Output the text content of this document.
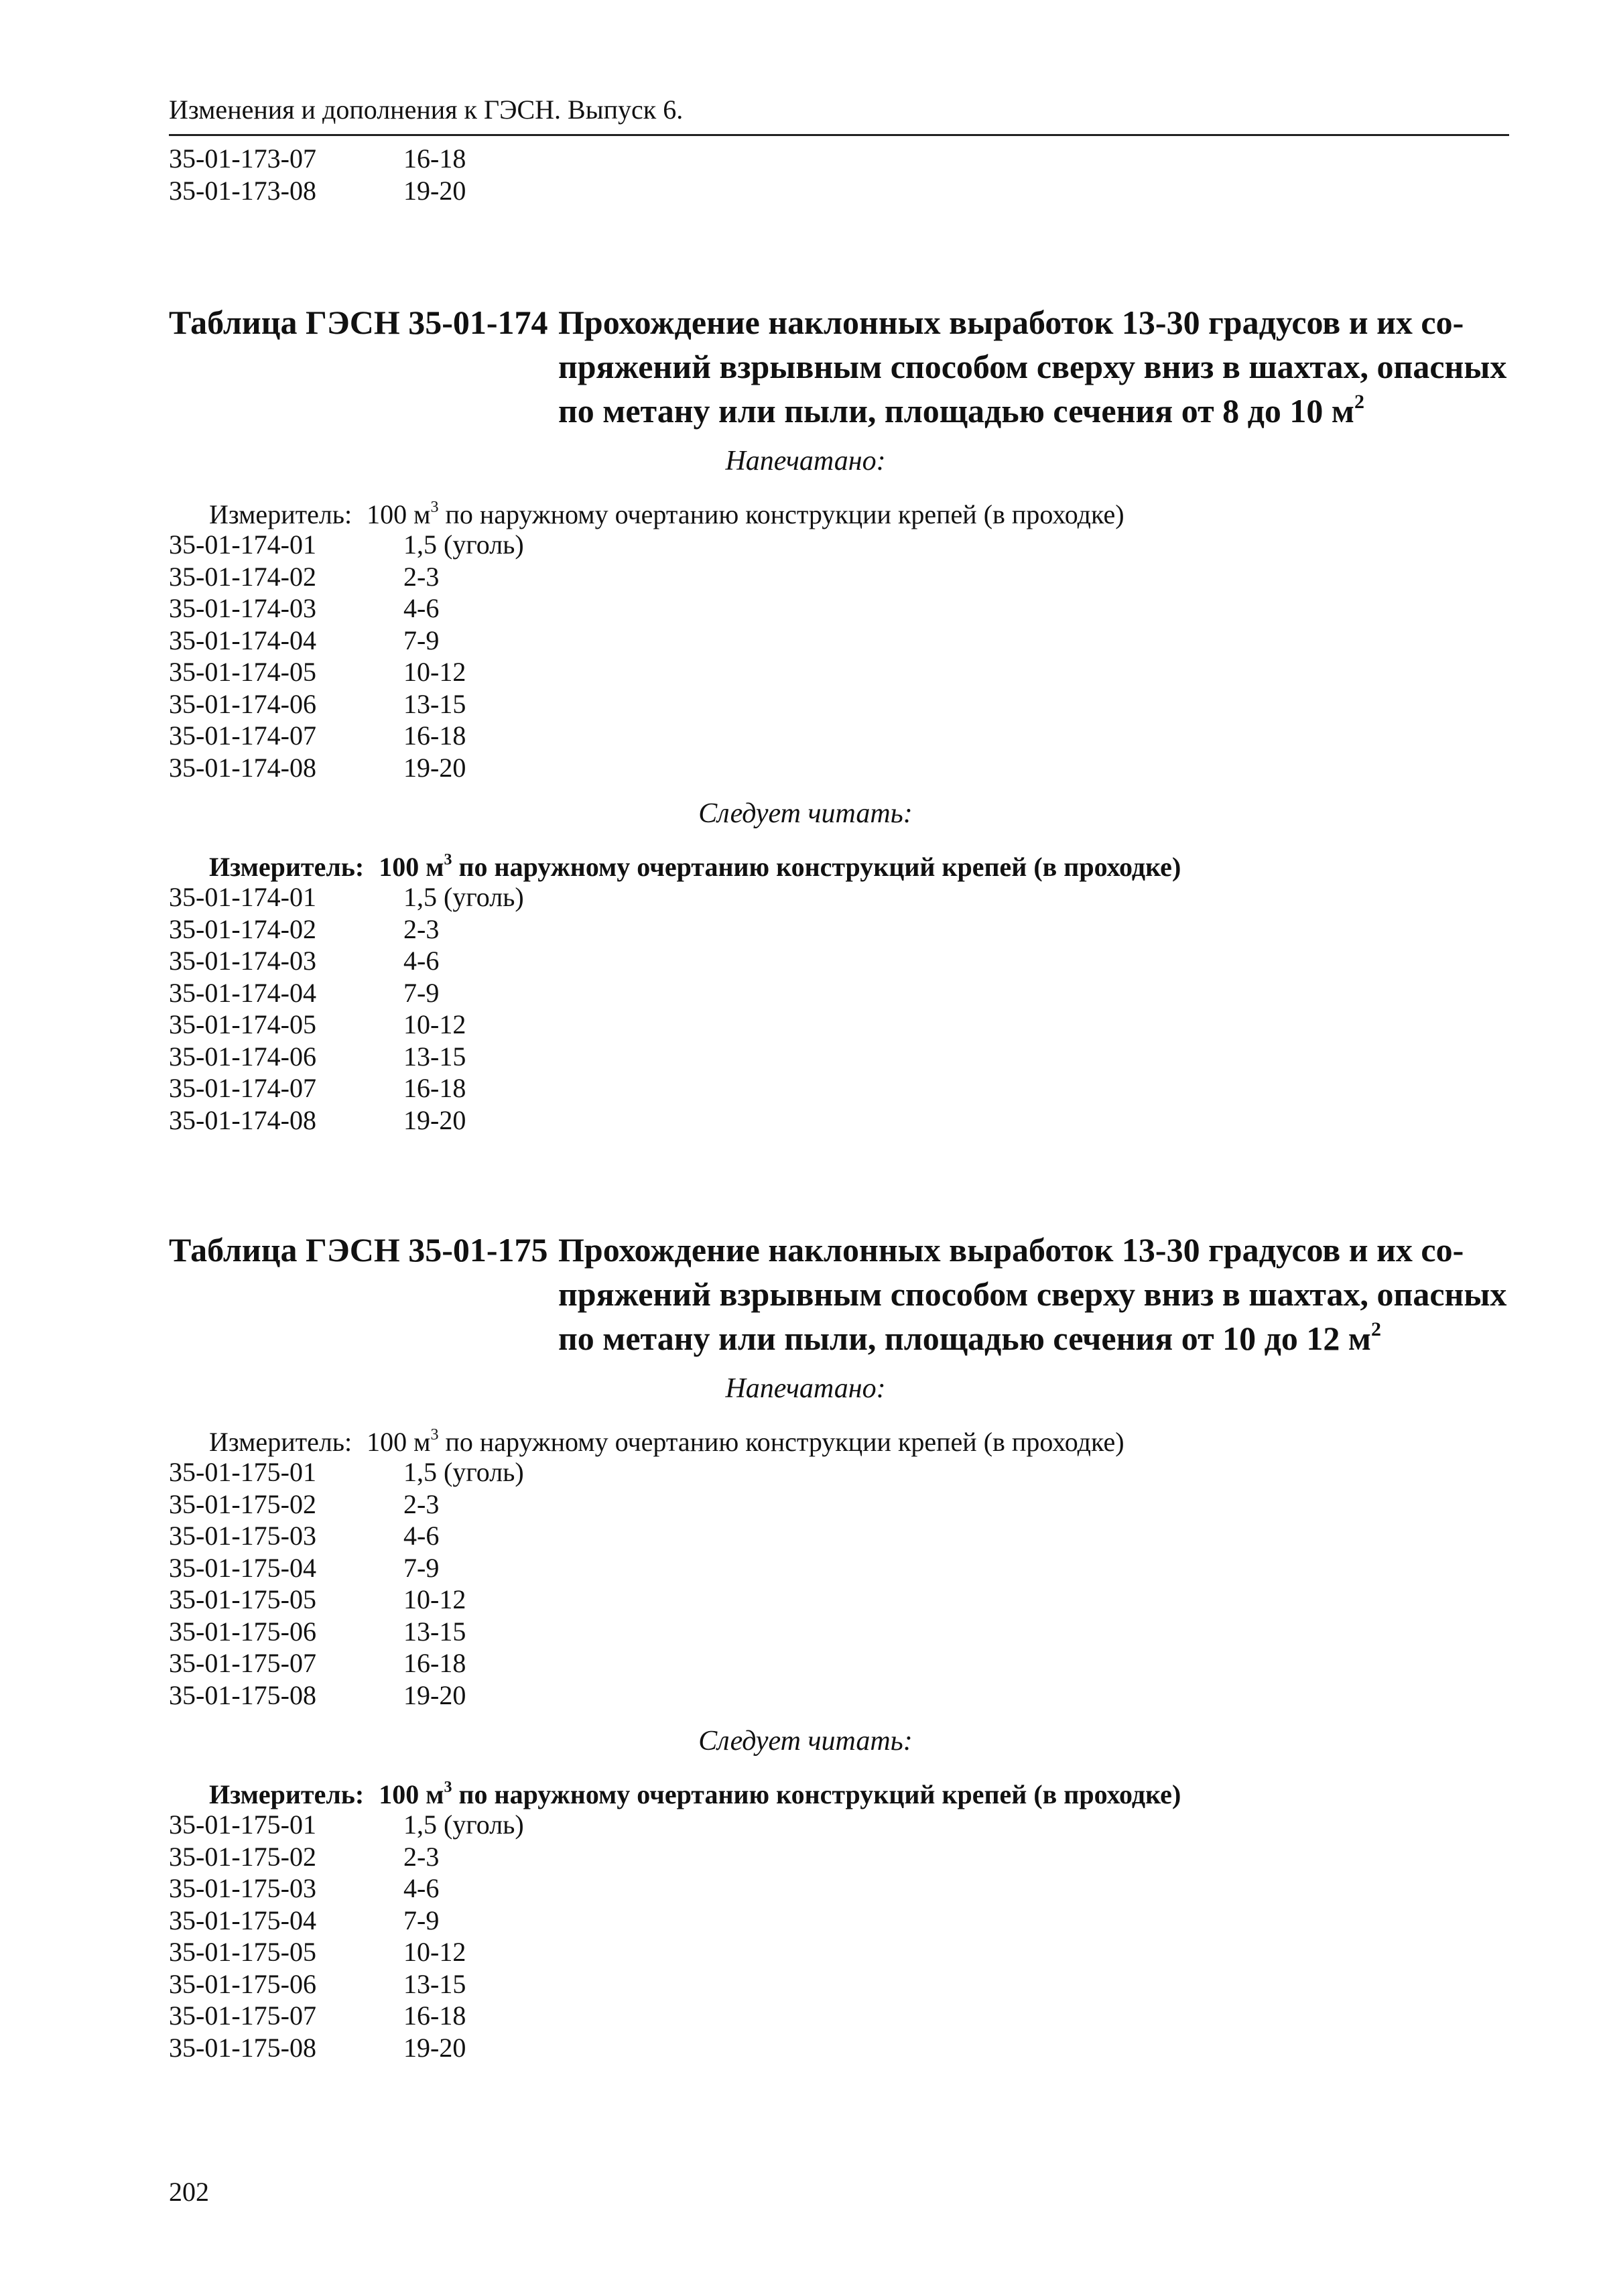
Изменения и дополнения к ГЭСН. Выпуск 6.
35-01-173-07	16-18
35-01-173-08	19-20
Таблица ГЭСН 35-01-174 Прохождение наклонных выработок 13-30 градусов и их со-
пряжений взрывным способом сверху вниз в шахтах, опасных
по метану или пыли, площадью сечения от 8 до 10 $м^2$
Напечатано:
Измеритель: 100 $м^3$ по наружному очертанию конструкции крепей (в проходке)
35-01-174-01	1,5 (уголь)
35-01-174-02	2-3
35-01-174-03	4-6
35-01-174-04	7-9
35-01-174-05	10-12
35-01-174-06	13-15
35-01-174-07	16-18
35-01-174-08	19-20
Следует читать:
Измеритель: 100 $м^3$ по наружному очертанию конструкций крепей (в проходке)
35-01-174-01	1,5 (уголь)
35-01-174-02	2-3
35-01-174-03	4-6
35-01-174-04	7-9
35-01-174-05	10-12
35-01-174-06	13-15
35-01-174-07	16-18
35-01-174-08	19-20
Таблица ГЭСН 35-01-175 Прохождение наклонных выработок 13-30 градусов и их со-
пряжений взрывным способом сверху вниз в шахтах, опасных
по метану или пыли, площадью сечения от 10 до 12 $м^2$
Напечатано:
Измеритель: 100 $м^3$ по наружному очертанию конструкции крепей (в проходке)
35-01-175-01	1,5 (уголь)
35-01-175-02	2-3
35-01-175-03	4-6
35-01-175-04	7-9
35-01-175-05	10-12
35-01-175-06	13-15
35-01-175-07	16-18
35-01-175-08	19-20
Следует читать:
Измеритель: 100 $м^3$ по наружному очертанию конструкций крепей (в проходке)
35-01-175-01	1,5 (уголь)
35-01-175-02	2-3
35-01-175-03	4-6
35-01-175-04	7-9
35-01-175-05	10-12
35-01-175-06	13-15
35-01-175-07	16-18
35-01-175-08	19-20
202
